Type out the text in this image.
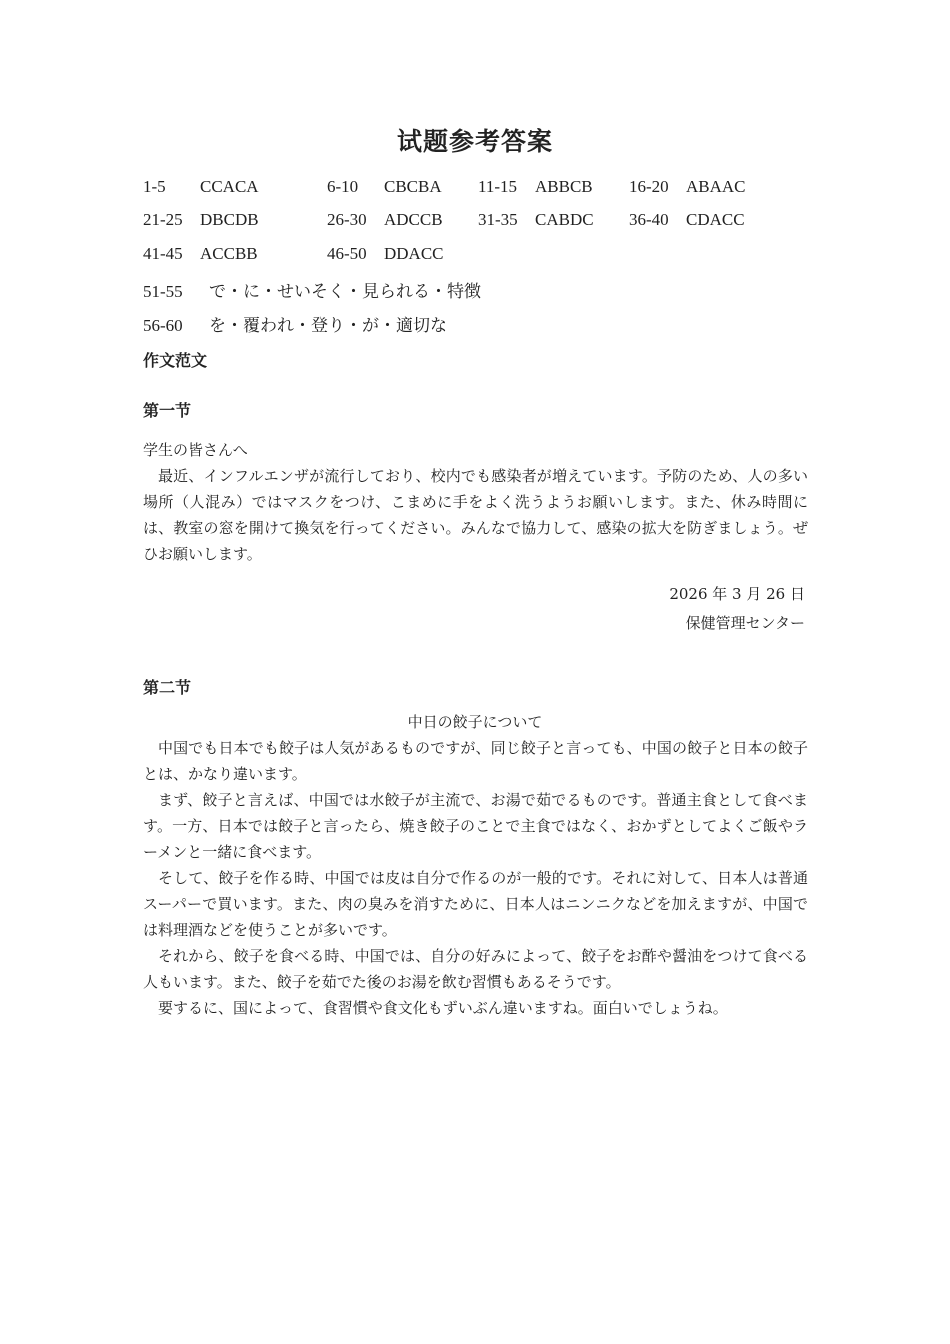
试题参考答案
1-5 CCACA	6-10 CBCBA 11-15 ABBCB 16-20 ABAAC
21-25 DBCDB	26-30 ADCCB 31-35 CABDC 36-40 CDACC
41-45 ACCBB	46-50 DDACC
51-55 で・に・せいそく・見られる・特徴
56-60 を・覆われ・登り・が・適切な
作文范文
第一节

学生の皆さんへ

最近、インフルエンザが流行しており、校内でも感染者が増えています。予防のため、人の多い場所（人混み）ではマスクをつけ、こまめに手をよく洗うようお願いします。また、休み時間には、教室の窓を開けて換気を行ってください。みんなで協力して、感染の拡大を防ぎましょう。ぜひお願いします。

2026 年 3 月 26 日
保健管理センター
第二节
中日の餃子について

中国でも日本でも餃子は人気があるものですが、同じ餃子と言っても、中国の餃子と日本の餃子とは、かなり違います。

まず、餃子と言えば、中国では水餃子が主流で、お湯で茹でるものです。普通主食として食べます。一方、日本では餃子と言ったら、焼き餃子のことで主食ではなく、おかずとしてよくご飯やラーメンと一緒に食べます。

そして、餃子を作る時、中国では皮は自分で作るのが一般的です。それに対して、日本人は普通スーパーで買います。また、肉の臭みを消すために、日本人はニンニクなどを加えますが、中国では料理酒などを使うことが多いです。

それから、餃子を食べる時、中国では、自分の好みによって、餃子をお酢や醤油をつけて食べる人もいます。また、餃子を茹でた後のお湯を飲む習慣もあるそうです。

要するに、国によって、食習慣や食文化もずいぶん違いますね。面白いでしょうね。
